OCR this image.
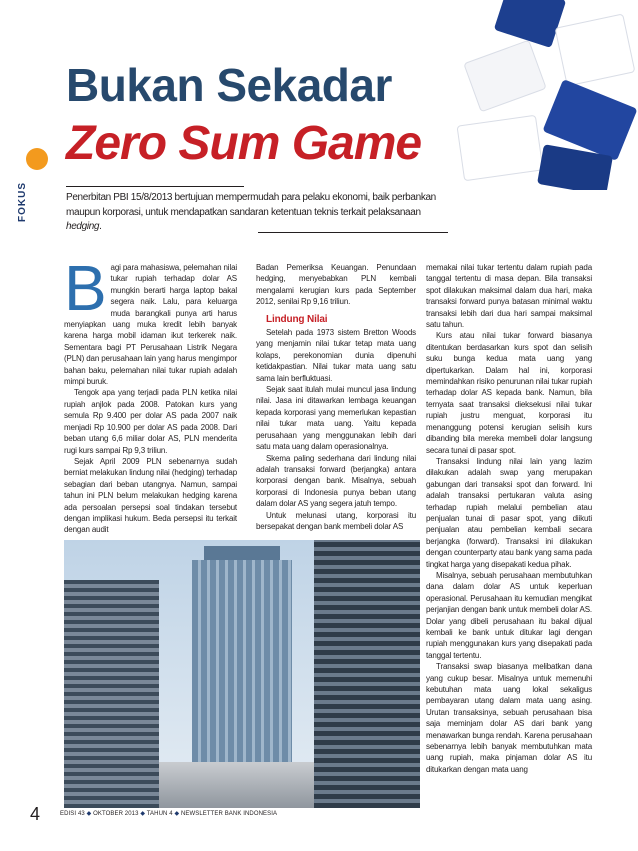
FOKUS
Bukan Sekadar
Zero Sum Game

Penerbitan PBI 15/8/2013 bertujuan mempermudah para pelaku ekonomi, baik perbankan maupun korporasi, untuk mendapatkan sandaran ketentuan teknis terkait pelaksanaan hedging.

B agi para mahasiswa, pelemahan nilai tukar rupiah terhadap dolar AS mungkin berarti harga laptop bakal segera naik. Lalu, para keluarga muda barangkali punya arti harus menyiapkan uang muka kredit lebih banyak karena harga mobil idaman ikut terkerek naik. Sementara bagi PT Perusahaan Listrik Negara (PLN) dan perusahaan lain yang harus mengimpor bahan baku, pelemahan nilai tukar rupiah adalah mimpi buruk.

Tengok apa yang terjadi pada PLN ketika nilai rupiah anjlok pada 2008. Patokan kurs yang semula Rp 9.400 per dolar AS pada 2007 naik menjadi Rp 10.900 per dolar AS pada 2008. Dari beban utang 6,6 miliar dolar AS, PLN menderita rugi kurs sampai Rp 9,3 triliun.

Sejak April 2009 PLN sebenarnya sudah berniat melakukan lindung nilai (hedging) terhadap sebagian dari beban utangnya. Namun, sampai tahun ini PLN belum melakukan hedging karena ada persoalan persepsi soal tindakan tersebut dengan implikasi hukum. Beda persepsi itu terkait dengan audit

Badan Pemeriksa Keuangan. Penundaan hedging, menyebabkan PLN kembali mengalami kerugian kurs pada September 2012, senilai Rp 9,16 triliun.

Lindung Nilai

Setelah pada 1973 sistem Bretton Woods yang menjamin nilai tukar tetap mata uang kolaps, perekonomian dunia dipenuhi ketidakpastian. Nilai tukar mata uang satu sama lain berfluktuasi.

Sejak saat itulah mulai muncul jasa lindung nilai. Jasa ini ditawarkan lembaga keuangan kepada korporasi yang memerlukan kepastian nilai tukar mata uang. Yaitu kepada perusahaan yang menggunakan lebih dari satu mata uang dalam operasionalnya.

Skema paling sederhana dari lindung nilai adalah transaksi forward (berjangka) antara korporasi dengan bank. Misalnya, sebuah korporasi di Indonesia punya beban utang dalam dolar AS yang segera jatuh tempo.

Untuk melunasi utang, korporasi itu bersepakat dengan bank membeli dolar AS

memakai nilai tukar tertentu dalam rupiah pada tanggal tertentu di masa depan. Bila transaksi spot dilakukan maksimal dalam dua hari, maka transaksi forward punya batasan minimal waktu transaksi lebih dari dua hari sampai maksimal satu tahun.

Kurs atau nilai tukar forward biasanya ditentukan berdasarkan kurs spot dan selisih suku bunga kedua mata uang yang dipertukarkan. Dalam hal ini, korporasi memindahkan risiko penurunan nilai tukar rupiah terhadap dolar AS kepada bank. Namun, bila ternyata saat transaksi dieksekusi nilai tukar rupiah justru menguat, korporasi itu menanggung potensi kerugian selisih kurs dibanding bila mereka membeli dolar langsung secara tunai di pasar spot.

Transaksi lindung nilai lain yang lazim dilakukan adalah swap yang merupakan gabungan dari transaksi spot dan forward. Ini adalah transaksi pertukaran valuta asing terhadap rupiah melalui pembelian atau penjualan tunai di pasar spot, yang diikuti penjualan atau pembelian kembali secara berjangka (forward). Transaksi ini dilakukan dengan counterparty atau bank yang sama pada tingkat harga yang disepakati kedua pihak.

Misalnya, sebuah perusahaan membutuhkan dana dalam dolar AS untuk keperluan operasional. Perusahaan itu kemudian mengikat perjanjian dengan bank untuk membeli dolar AS. Dolar yang dibeli perusahaan itu bakal dijual kembali ke bank untuk ditukar lagi dengan rupiah menggunakan kurs yang disepakati pada tanggal tertentu.

Transaksi swap biasanya melibatkan dana yang cukup besar. Misalnya untuk memenuhi kebutuhan mata uang lokal sekaligus pembayaran utang dalam mata uang asing. Urutan transaksinya, sebuah perusahaan bisa saja meminjam dolar AS dari bank yang menawarkan bunga rendah. Karena perusahaan sebenarnya lebih banyak membutuhkan mata uang rupiah, maka pinjaman dolar AS itu ditukarkan dengan mata uang

4	EDISI 43 ◆ OKTOBER 2013 ◆ TAHUN 4 ◆ NEWSLETTER BANK INDONESIA
